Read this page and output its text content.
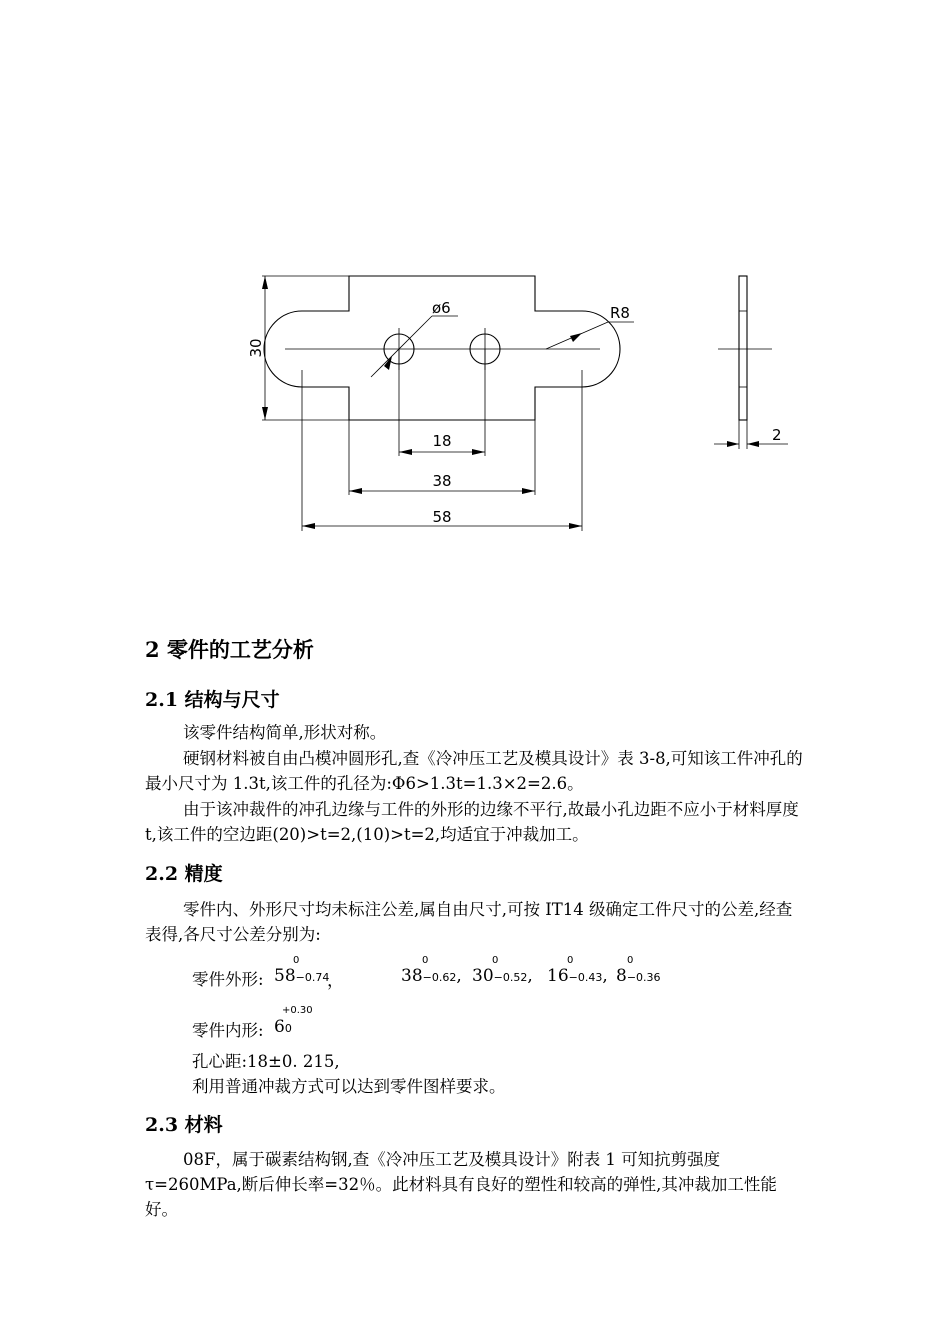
30
ø6	R8
18
38
58
2
2 零件的工艺分析
2.1 结构与尺寸

该零件结构简单,形状对称。

硬钢材料被自由凸模冲圆形孔,查《冷冲压工艺及模具设计》表 3-8,可知该工件冲孔的最小尺寸为 1.3t,该工件的孔径为:Φ6>1.3t=1.3×2=2.6。

由于该冲裁件的冲孔边缘与工件的外形的边缘不平行,故最小孔边距不应小于材料厚度 t,该工件的空边距(20)>t=2,(10)>t=2,均适宜于冲裁加工。

2.2 精度

零件内、外形尺寸均未标注公差,属自由尺寸,可按 IT14 级确定工件尺寸的公差,经查表得,各尺寸公差分别为:

零件外形: 58−0.74
0
，	38−0.62,
0
30−0.52,
0
16−0.43,
0
8−0.36
0
零件内形: 60
+0.30
孔心距:18±0. 215,
利用普通冲裁方式可以达到零件图样要求。
2.3 材料

08F，属于碳素结构钢,查《冷冲压工艺及模具设计》附表 1 可知抗剪强度τ=260MPa,断后伸长率=32％。此材料具有良好的塑性和较高的弹性,其冲裁加工性能好。
